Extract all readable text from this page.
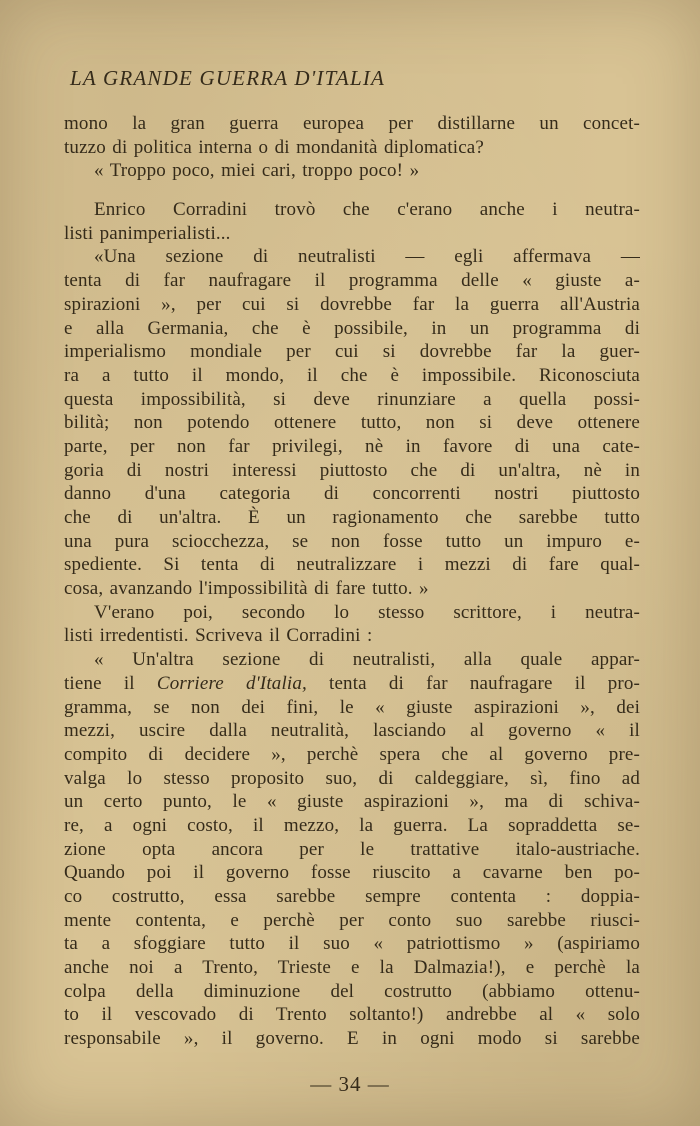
LA GRANDE GUERRA D'ITALIA
mono la gran guerra europea per distillarne un concet-
tuzzo di politica interna o di mondanità diplomatica?
« Troppo poco, miei cari, troppo poco! »
Enrico Corradini trovò che c'erano anche i neutra-
listi panimperialisti...
«Una sezione di neutralisti — egli affermava —
tenta di far naufragare il programma delle « giuste a-
spirazioni », per cui si dovrebbe far la guerra all'Austria
e alla Germania, che è possibile, in un programma di
imperialismo mondiale per cui si dovrebbe far la guer-
ra a tutto il mondo, il che è impossibile. Riconosciuta
questa impossibilità, si deve rinunziare a quella possi-
bilità; non potendo ottenere tutto, non si deve ottenere
parte, per non far privilegi, nè in favore di una cate-
goria di nostri interessi piuttosto che di un'altra, nè in
danno d'una categoria di concorrenti nostri piuttosto
che di un'altra. È un ragionamento che sarebbe tutto
una pura sciocchezza, se non fosse tutto un impuro e-
spediente. Si tenta di neutralizzare i mezzi di fare qual-
cosa, avanzando l'impossibilità di fare tutto. »
V'erano poi, secondo lo stesso scrittore, i neutra-
listi irredentisti. Scriveva il Corradini :
« Un'altra sezione di neutralisti, alla quale appar-
tiene il Corriere d'Italia, tenta di far naufragare il pro-
gramma, se non dei fini, le « giuste aspirazioni », dei
mezzi, uscire dalla neutralità, lasciando al governo « il
compito di decidere », perchè spera che al governo pre-
valga lo stesso proposito suo, di caldeggiare, sì, fino ad
un certo punto, le « giuste aspirazioni », ma di schiva-
re, a ogni costo, il mezzo, la guerra. La sopraddetta se-
zione opta ancora per le trattative italo-austriache.
Quando poi il governo fosse riuscito a cavarne ben po-
co costrutto, essa sarebbe sempre contenta : doppia-
mente contenta, e perchè per conto suo sarebbe riusci-
ta a sfoggiare tutto il suo « patriottismo » (aspiriamo
anche noi a Trento, Trieste e la Dalmazia!), e perchè la
colpa della diminuzione del costrutto (abbiamo ottenu-
to il vescovado di Trento soltanto!) andrebbe al « solo
responsabile », il governo. E in ogni modo si sarebbe
— 34 —
